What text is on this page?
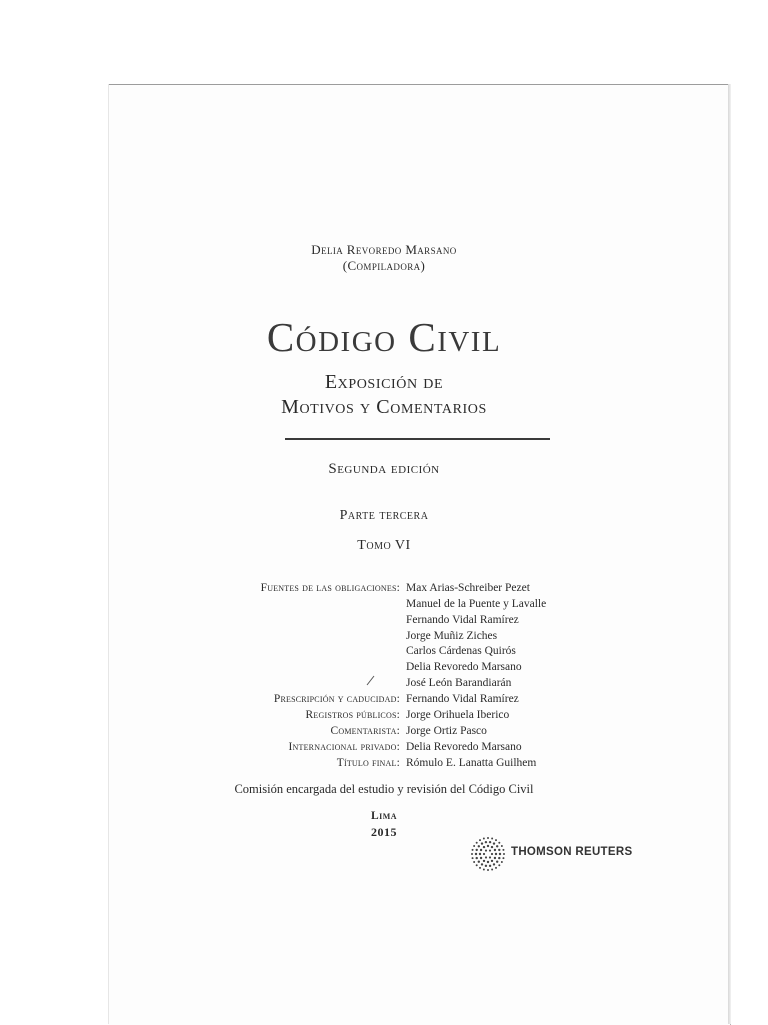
Delia Revoredo Marsano
(Compiladora)
Código Civil
Exposición de
Motivos y Comentarios
Segunda edición
Parte tercera
Tomo VI
Fuentes de las obligaciones: Max Arias-Schreiber Pezet
Manuel de la Puente y Lavalle
Fernando Vidal Ramírez
Jorge Muñiz Ziches
Carlos Cárdenas Quirós
Delia Revoredo Marsano
José León Barandiarán
Prescripción y caducidad: Fernando Vidal Ramírez
Registros públicos: Jorge Orihuela Iberico
Comentarista: Jorge Ortiz Pasco
Internacional privado: Delia Revoredo Marsano
Título final: Rómulo E. Lanatta Guilhem
Comisión encargada del estudio y revisión del Código Civil
Lima
2015
THOMSON REUTERS
